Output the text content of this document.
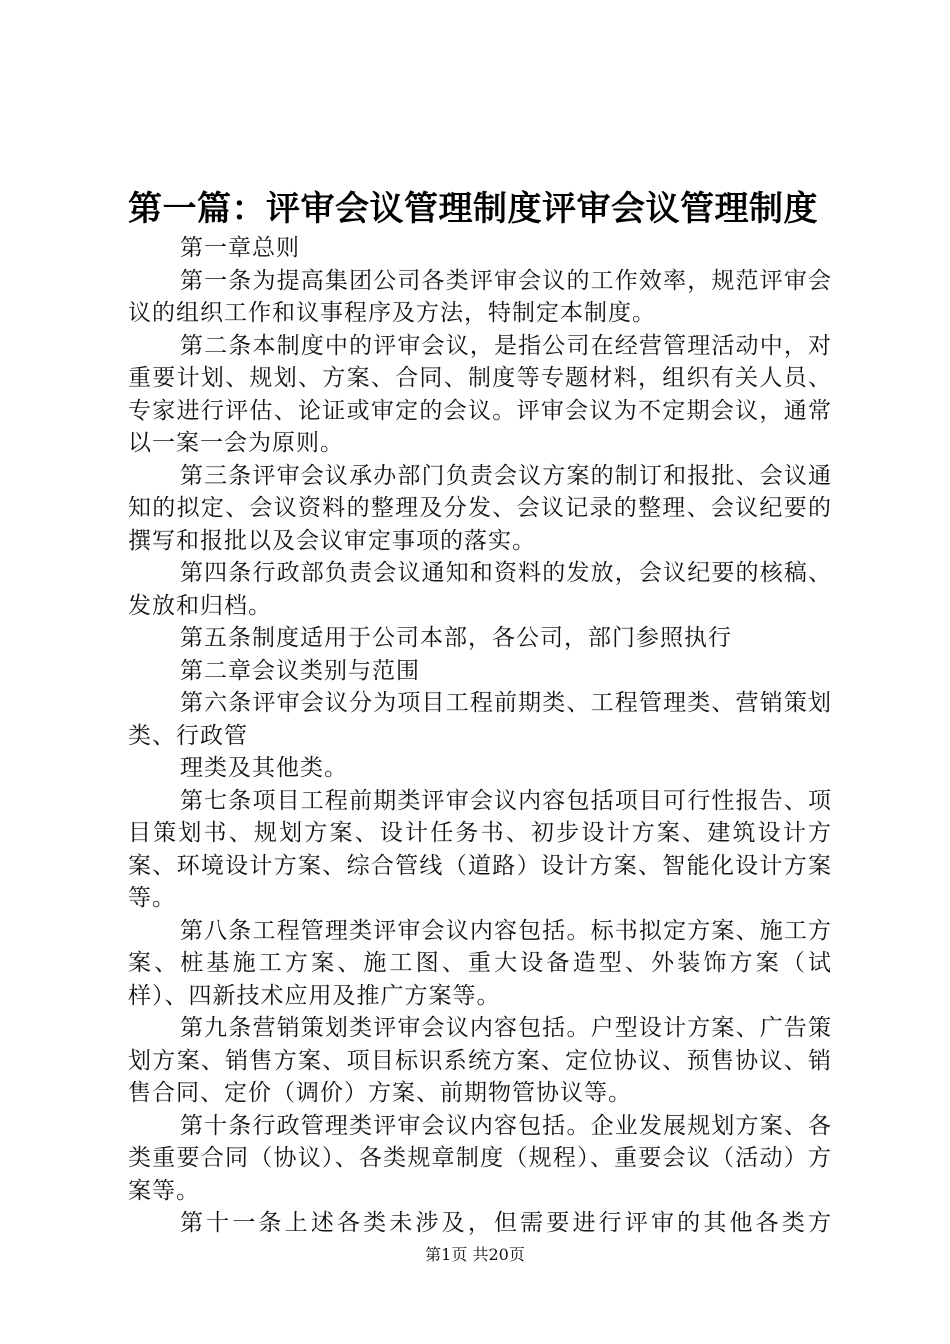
第一篇：评审会议管理制度评审会议管理制度

第一章总则

第一条为提高集团公司各类评审会议的工作效率，规范评审会议的组织工作和议事程序及方法，特制定本制度。

第二条本制度中的评审会议，是指公司在经营管理活动中，对重要计划、规划、方案、合同、制度等专题材料，组织有关人员、专家进行评估、论证或审定的会议。评审会议为不定期会议，通常以一案一会为原则。

第三条评审会议承办部门负责会议方案的制订和报批、会议通知的拟定、会议资料的整理及分发、会议记录的整理、会议纪要的撰写和报批以及会议审定事项的落实。

第四条行政部负责会议通知和资料的发放，会议纪要的核稿、发放和归档。

第五条制度适用于公司本部，各公司，部门参照执行

第二章会议类别与范围

第六条评审会议分为项目工程前期类、工程管理类、营销策划类、行政管

理类及其他类。

第七条项目工程前期类评审会议内容包括项目可行性报告、项目策划书、规划方案、设计任务书、初步设计方案、建筑设计方案、环境设计方案、综合管线（道路）设计方案、智能化设计方案等。

第八条工程管理类评审会议内容包括。标书拟定方案、施工方案、桩基施工方案、施工图、重大设备造型、外装饰方案（试样）、四新技术应用及推广方案等。

第九条营销策划类评审会议内容包括。户型设计方案、广告策划方案、销售方案、项目标识系统方案、定位协议、预售协议、销售合同、定价（调价）方案、前期物管协议等。

第十条行政管理类评审会议内容包括。企业发展规划方案、各类重要合同（协议）、各类规章制度（规程）、重要会议（活动）方案等。

第十一条上述各类未涉及，但需要进行评审的其他各类方

第1页 共20页
